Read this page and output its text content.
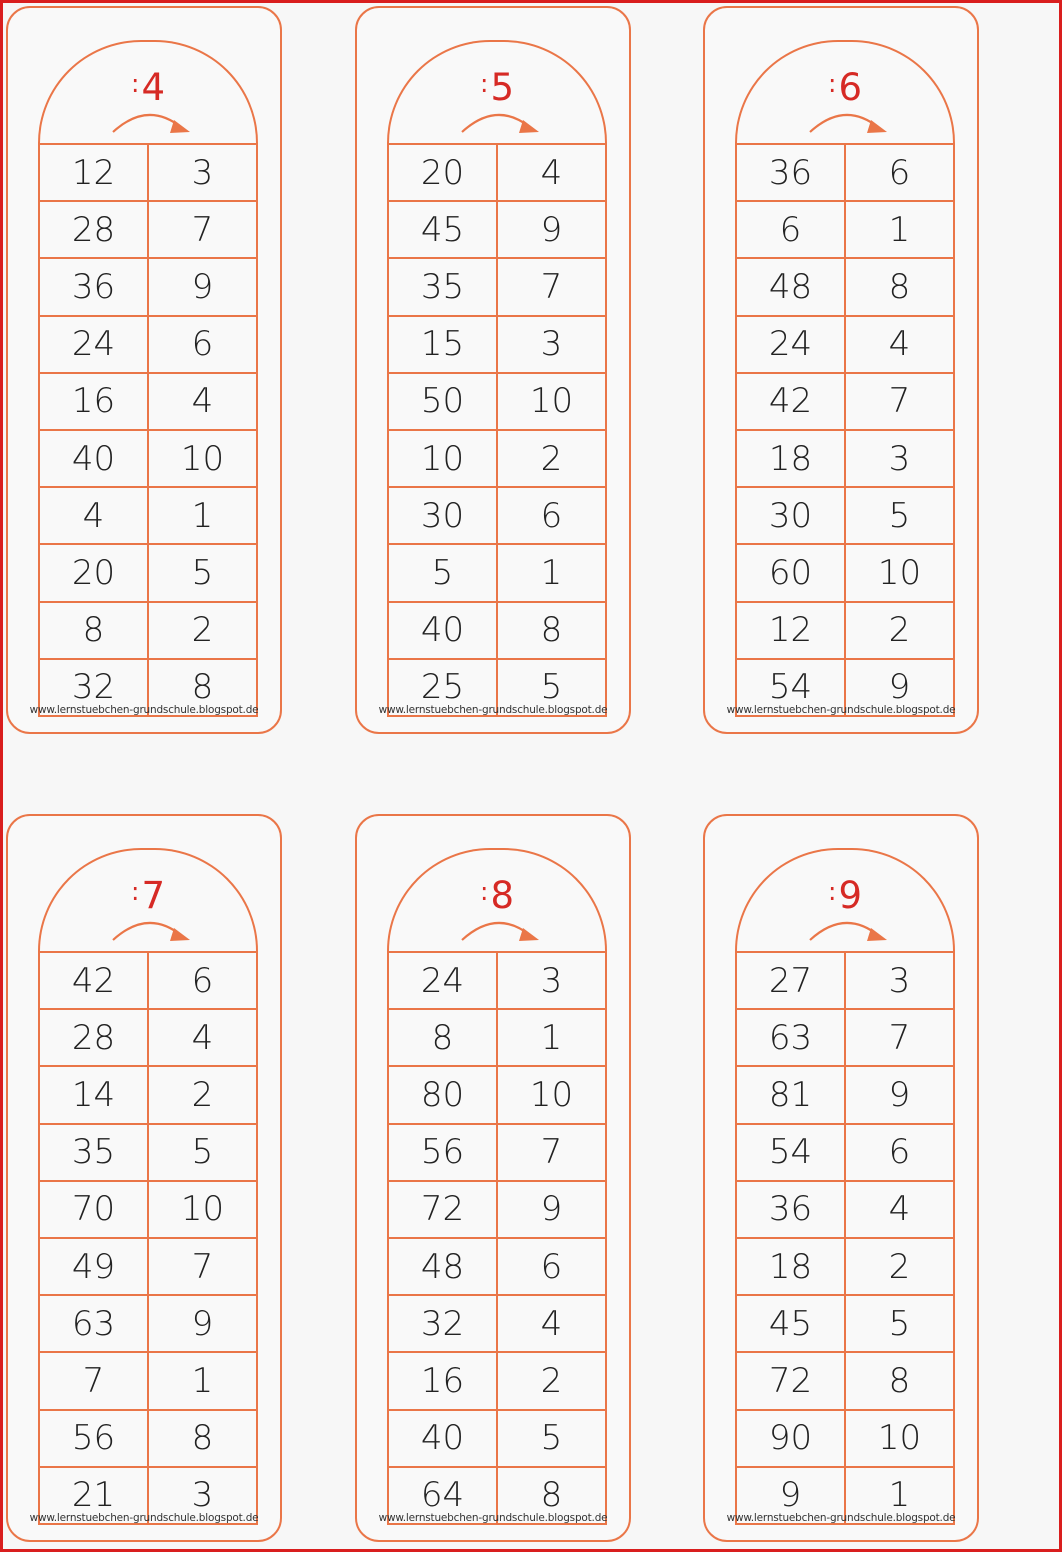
:4
12	3
28	7
36	9
24	6
16	4
40	10
4	1
20	5
8	2
32	8
www.lernstuebchen-grundschule.blogspot.de
:5
20	4
45	9
35	7
15	3
50	10
10	2
30	6
5	1
40	8
25	5
www.lernstuebchen-grundschule.blogspot.de
:6
36	6
6	1
48	8
24	4
42	7
18	3
30	5
60	10
12	2
54	9
www.lernstuebchen-grundschule.blogspot.de
:7
42	6
28	4
14	2
35	5
70	10
49	7
63	9
7	1
56	8
21	3
www.lernstuebchen-grundschule.blogspot.de
:8
24	3
8	1
80	10
56	7
72	9
48	6
32	4
16	2
40	5
64	8
www.lernstuebchen-grundschule.blogspot.de
:9
27	3
63	7
81	9
54	6
36	4
18	2
45	5
72	8
90	10
9	1
www.lernstuebchen-grundschule.blogspot.de
